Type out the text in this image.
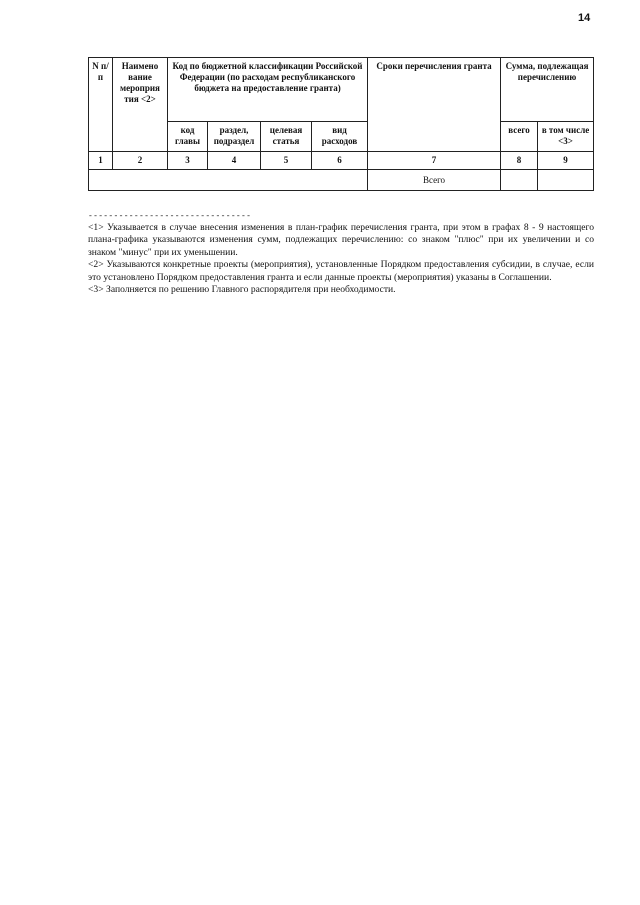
14
N п/п	Наимено вание мероприя тия <2>	Код по бюджетной классификации Российской Федерации (по расходам республиканского бюджета на предоставление гранта)				Сроки перечисления гранта	Сумма, подлежащая перечислению	
		код главы	раздел, подраздел	целевая статья	вид расходов		всего	в том числе <3>
1	2	3	4	5	6	7	8	9
						Всего		
--------------------------------

<1> Указывается в случае внесения изменения в план-график перечисления гранта, при этом в графах 8 - 9 настоящего плана-графика указываются изменения сумм, подлежащих перечислению: со знаком "плюс" при их увеличении и со знаком "минус" при их уменьшении.

<2> Указываются конкретные проекты (мероприятия), установленные Порядком предоставления субсидии, в случае, если это установлено Порядком предоставления гранта и если данные проекты (мероприятия) указаны в Соглашении.

<3> Заполняется по решению Главного распорядителя при необходимости.
